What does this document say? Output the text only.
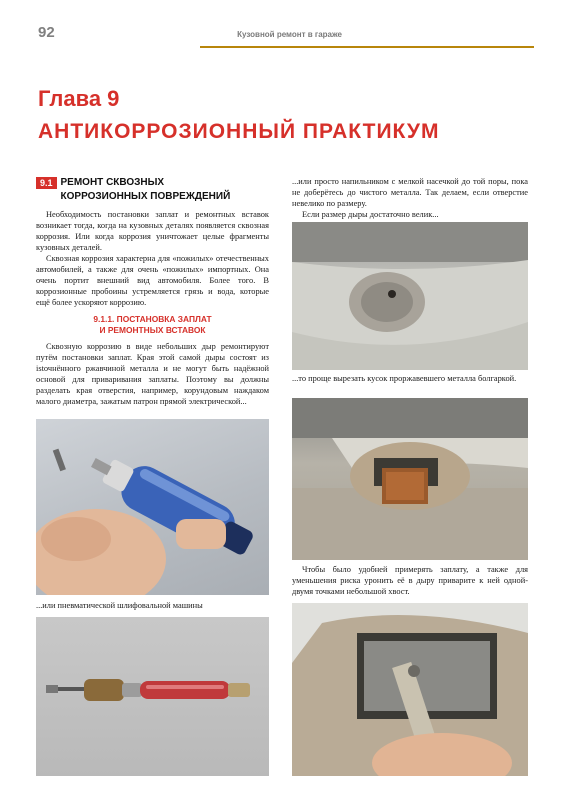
92	Кузовной ремонт в гараже
Глава 9
АНТИКОРРОЗИОННЫЙ ПРАКТИКУМ
9.1 РЕМОНТ СКВОЗНЫХ
КОРРОЗИОННЫХ ПОВРЕЖДЕНИЙ

Необходимость постановки заплат и ремонтных вставок возникает тогда, когда на кузовных деталях появляется сквозная коррозия. Или когда коррозия уничтожает целые фрагменты кузовных деталей.

Сквозная коррозия характерна для «пожилых» отечественных автомобилей, а также для очень «пожилых» импортных. Она очень портит внешний вид автомобиля. Более того. В коррозионные пробоины устремляется грязь и вода, которые ещё более ускоряют коррозию.

9.1.1. ПОСТАНОВКА ЗАПЛАТ
И РЕМОНТНЫХ ВСТАВОК

Сквозную коррозию в виде небольших дыр ремонтируют путём постановки заплат. Края этой самой дыры состоят из istочнённого ржавчиной металла и не могут быть надёжной основой для приваривания заплаты. Поэтому вы должны разделать края отверстия, например, корундовым наждаком малого диаметра, зажатым патрон прямой электрической...

...или пневматической шлифовальной машины
...или просто напильником с мелкой насечкой до той поры, пока не доберётесь до чистого металла. Так делаем, если отверстие невелико по размеру.
Если размер дыры достаточно велик...
...то проще вырезать кусок проржавевшего металла болгаркой.
Чтобы было удобней примерять заплату, а также для уменьшения риска уронить её в дыру приварите к ней одной-двумя точками небольшой хвост.
